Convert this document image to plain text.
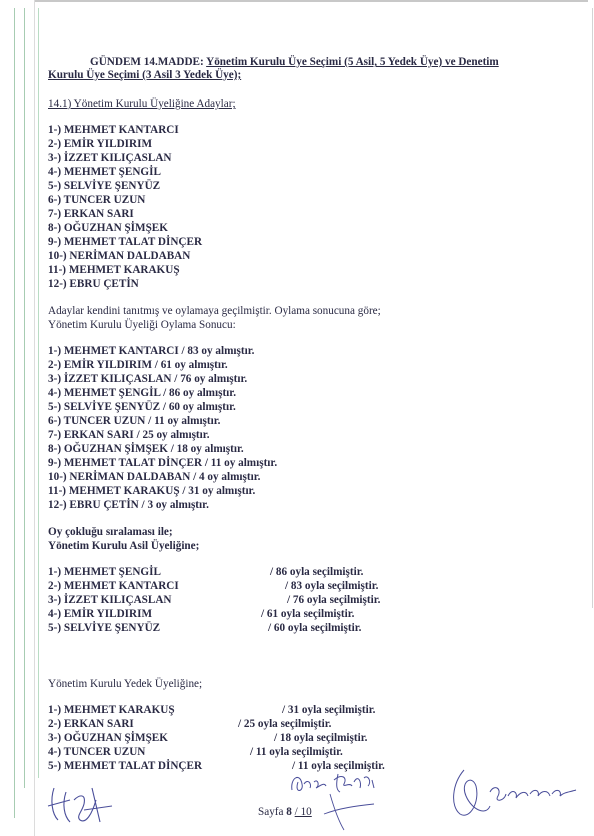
GÜNDEM 14.MADDE: Yönetim Kurulu Üye Seçimi (5 Asil, 5 Yedek Üye) ve Denetim
Kurulu Üye Seçimi (3 Asil 3 Yedek Üye);
14.1) Yönetim Kurulu Üyeliğine Adaylar;
1-) MEHMET KANTARCI
2-) EMİR YILDIRIM
3-) İZZET KILIÇASLAN
4-) MEHMET ŞENGİL
5-) SELVİYE ŞENYÜZ
6-) TUNCER UZUN
7-) ERKAN SARI
8-) OĞUZHAN ŞİMŞEK
9-) MEHMET TALAT DİNÇER
10-) NERİMAN DALDABAN
11-) MEHMET KARAKUŞ
12-) EBRU ÇETİN
Adaylar kendini tanıtmış ve oylamaya geçilmiştir. Oylama sonucuna göre;
Yönetim Kurulu Üyeliği Oylama Sonucu:
1-) MEHMET KANTARCI / 83 oy almıştır.
2-) EMİR YILDIRIM / 61 oy almıştır.
3-) İZZET KILIÇASLAN / 76 oy almıştır.
4-) MEHMET ŞENGİL / 86 oy almıştır.
5-) SELVİYE ŞENYÜZ / 60 oy almıştır.
6-) TUNCER UZUN / 11 oy almıştır.
7-) ERKAN SARI / 25 oy almıştır.
8-) OĞUZHAN ŞİMŞEK / 18 oy almıştır.
9-) MEHMET TALAT DİNÇER / 11 oy almıştır.
10-) NERİMAN DALDABAN / 4 oy almıştır.
11-) MEHMET KARAKUŞ / 31 oy almıştır.
12-) EBRU ÇETİN / 3 oy almıştır.
Oy çokluğu sıralaması ile;
Yönetim Kurulu Asil Üyeliğine;
1-) MEHMET ŞENGİL	/ 86 oyla seçilmiştir.
2-) MEHMET KANTARCI	/ 83 oyla seçilmiştir.
3-) İZZET KILIÇASLAN	/ 76 oyla seçilmiştir.
4-) EMİR YILDIRIM	/ 61 oyla seçilmiştir.
5-) SELVİYE ŞENYÜZ	/ 60 oyla seçilmiştir.
Yönetim Kurulu Yedek Üyeliğine;
1-) MEHMET KARAKUŞ	/ 31 oyla seçilmiştir.
2-) ERKAN SARI	/ 25 oyla seçilmiştir.
3-) OĞUZHAN ŞİMŞEK	/ 18 oyla seçilmiştir.
4-) TUNCER UZUN	/ 11 oyla seçilmiştir.
5-) MEHMET TALAT DİNÇER	/ 11 oyla seçilmiştir.
Sayfa 8 / 10
